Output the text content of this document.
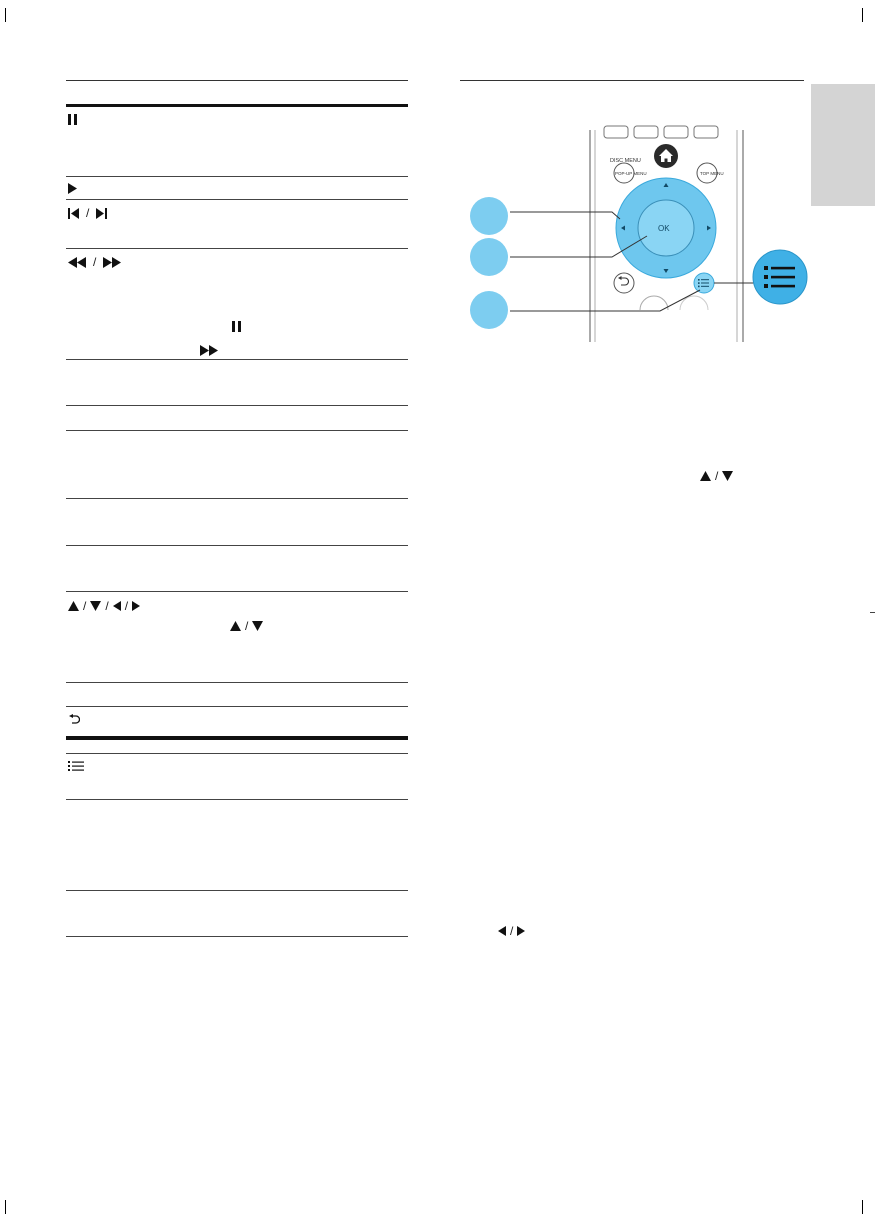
/
/
/ / /
/
DISC MENU
POP-UP MENU	TOP MENU
OK
/
/
